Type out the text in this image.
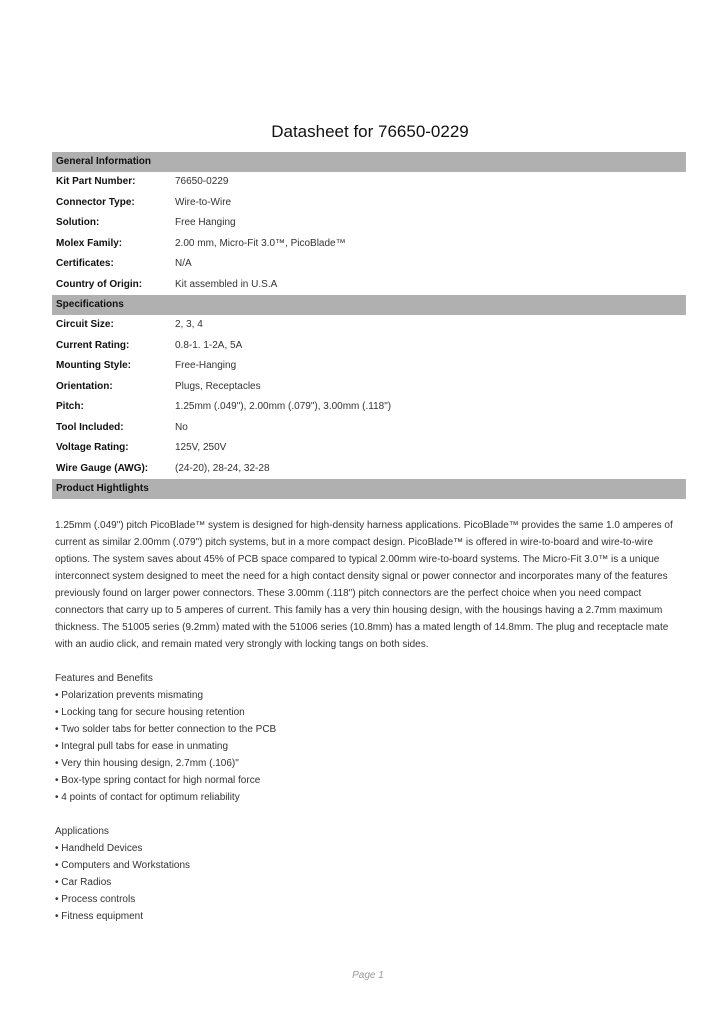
Datasheet for 76650-0229
General Information
Kit Part Number:	76650-0229
Connector Type:	Wire-to-Wire
Solution:	Free Hanging
Molex Family:	2.00 mm, Micro-Fit 3.0™, PicoBlade™
Certificates:	N/A
Country of Origin:	Kit assembled in U.S.A
Specifications
Circuit Size:	2, 3, 4
Current Rating:	0.8-1. 1-2A, 5A
Mounting Style:	Free-Hanging
Orientation:	Plugs, Receptacles
Pitch:	1.25mm (.049"), 2.00mm (.079"), 3.00mm (.118")
Tool Included:	No
Voltage Rating:	125V, 250V
Wire Gauge (AWG):	(24-20), 28-24, 32-28
Product Hightlights

1.25mm (.049") pitch PicoBlade™ system is designed for high-density harness applications. PicoBlade™ provides the same 1.0 amperes of current as similar 2.00mm (.079") pitch systems, but in a more compact design. PicoBlade™ is offered in wire-to-board and wire-to-wire options. The system saves about 45% of PCB space compared to typical 2.00mm wire-to-board systems. The Micro-Fit 3.0™ is a unique interconnect system designed to meet the need for a high contact density signal or power connector and incorporates many of the features previously found on larger power connectors. These 3.00mm (.118") pitch connectors are the perfect choice when you need compact connectors that carry up to 5 amperes of current. This family has a very thin housing design, with the housings having a 2.7mm maximum thickness. The 51005 series (9.2mm) mated with the 51006 series (10.8mm) has a mated length of 14.8mm. The plug and receptacle mate with an audio click, and remain mated very strongly with locking tangs on both sides.

Features and Benefits
• Polarization prevents mismating
• Locking tang for secure housing retention
• Two solder tabs for better connection to the PCB
• Integral pull tabs for ease in unmating
• Very thin housing design, 2.7mm (.106)"
• Box-type spring contact for high normal force
• 4 points of contact for optimum reliability
Applications
• Handheld Devices
• Computers and Workstations
• Car Radios
• Process controls
• Fitness equipment
Page 1
